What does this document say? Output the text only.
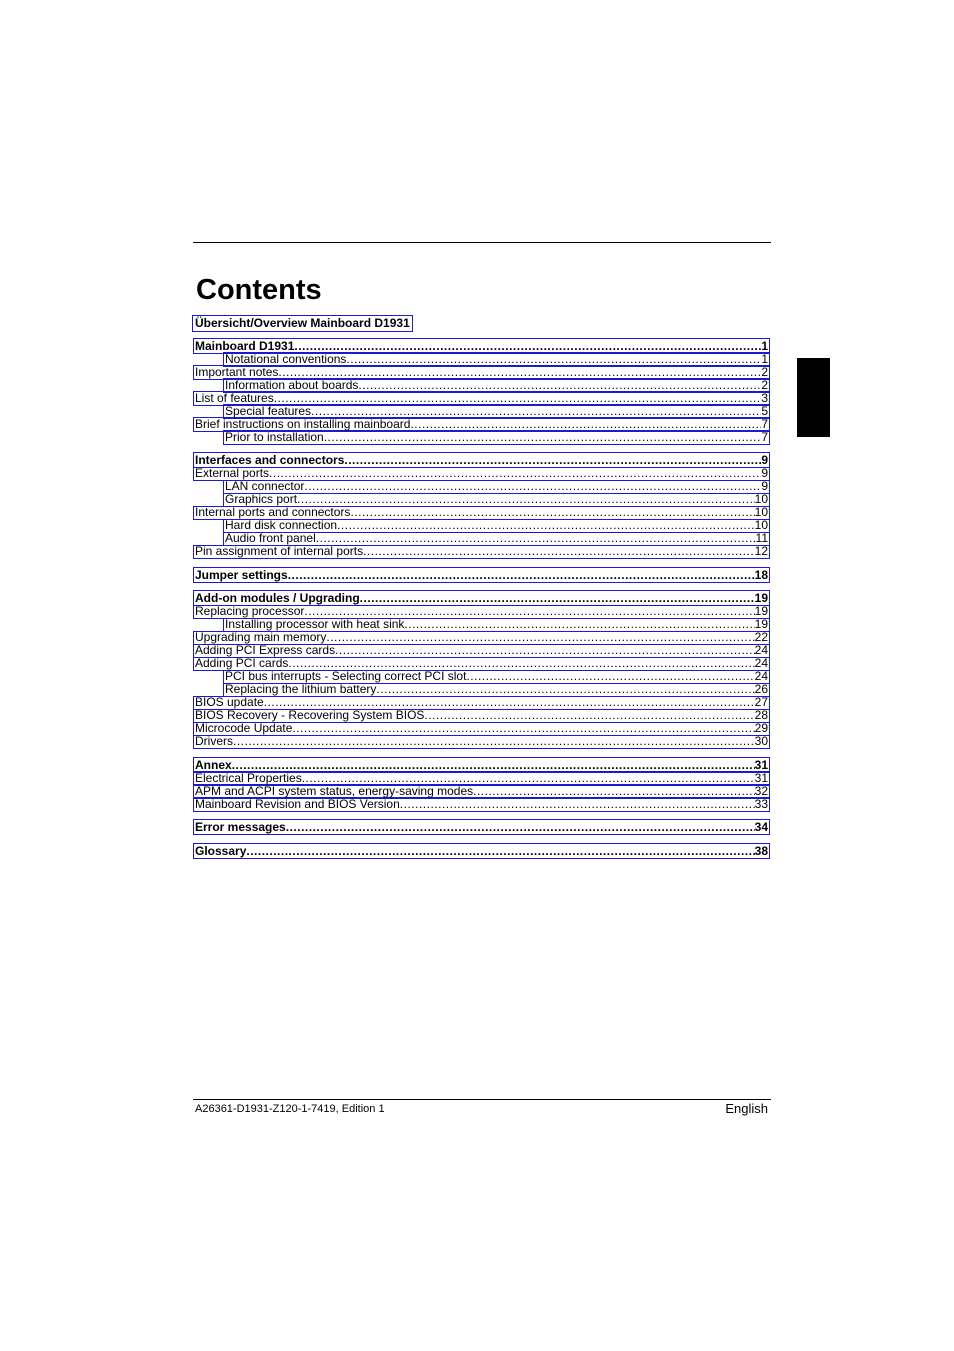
Contents
Übersicht/Overview Mainboard D1931
Mainboard D1931 .....	1
Notational conventions .....	1
Important notes .....	2
Information about boards .....	2
List of features .....	3
Special features .....	5
Brief instructions on installing mainboard .....	7
Prior to installation .....	7
Interfaces and connectors .....	9
External ports .....	9
LAN connector .....	9
Graphics port .....	10
Internal ports and connectors .....	10
Hard disk connection .....	10
Audio front panel .....	11
Pin assignment of internal ports .....	12
Jumper settings .....	18
Add-on modules / Upgrading .....	19
Replacing processor .....	19
Installing processor with heat sink .....	19
Upgrading main memory .....	22
Adding PCI Express cards .....	24
Adding PCI cards .....	24
PCI bus interrupts - Selecting correct PCI slot .....	24
Replacing the lithium battery .....	26
BIOS update .....	27
BIOS Recovery - Recovering System BIOS .....	28
Microcode Update .....	29
Drivers .....	30
Annex .....	31
Electrical Properties .....	31
APM and ACPI system status, energy-saving modes .....	32
Mainboard Revision and BIOS Version .....	33
Error messages .....	34
Glossary .....	38
A26361-D1931-Z120-1-7419, Edition 1	English
